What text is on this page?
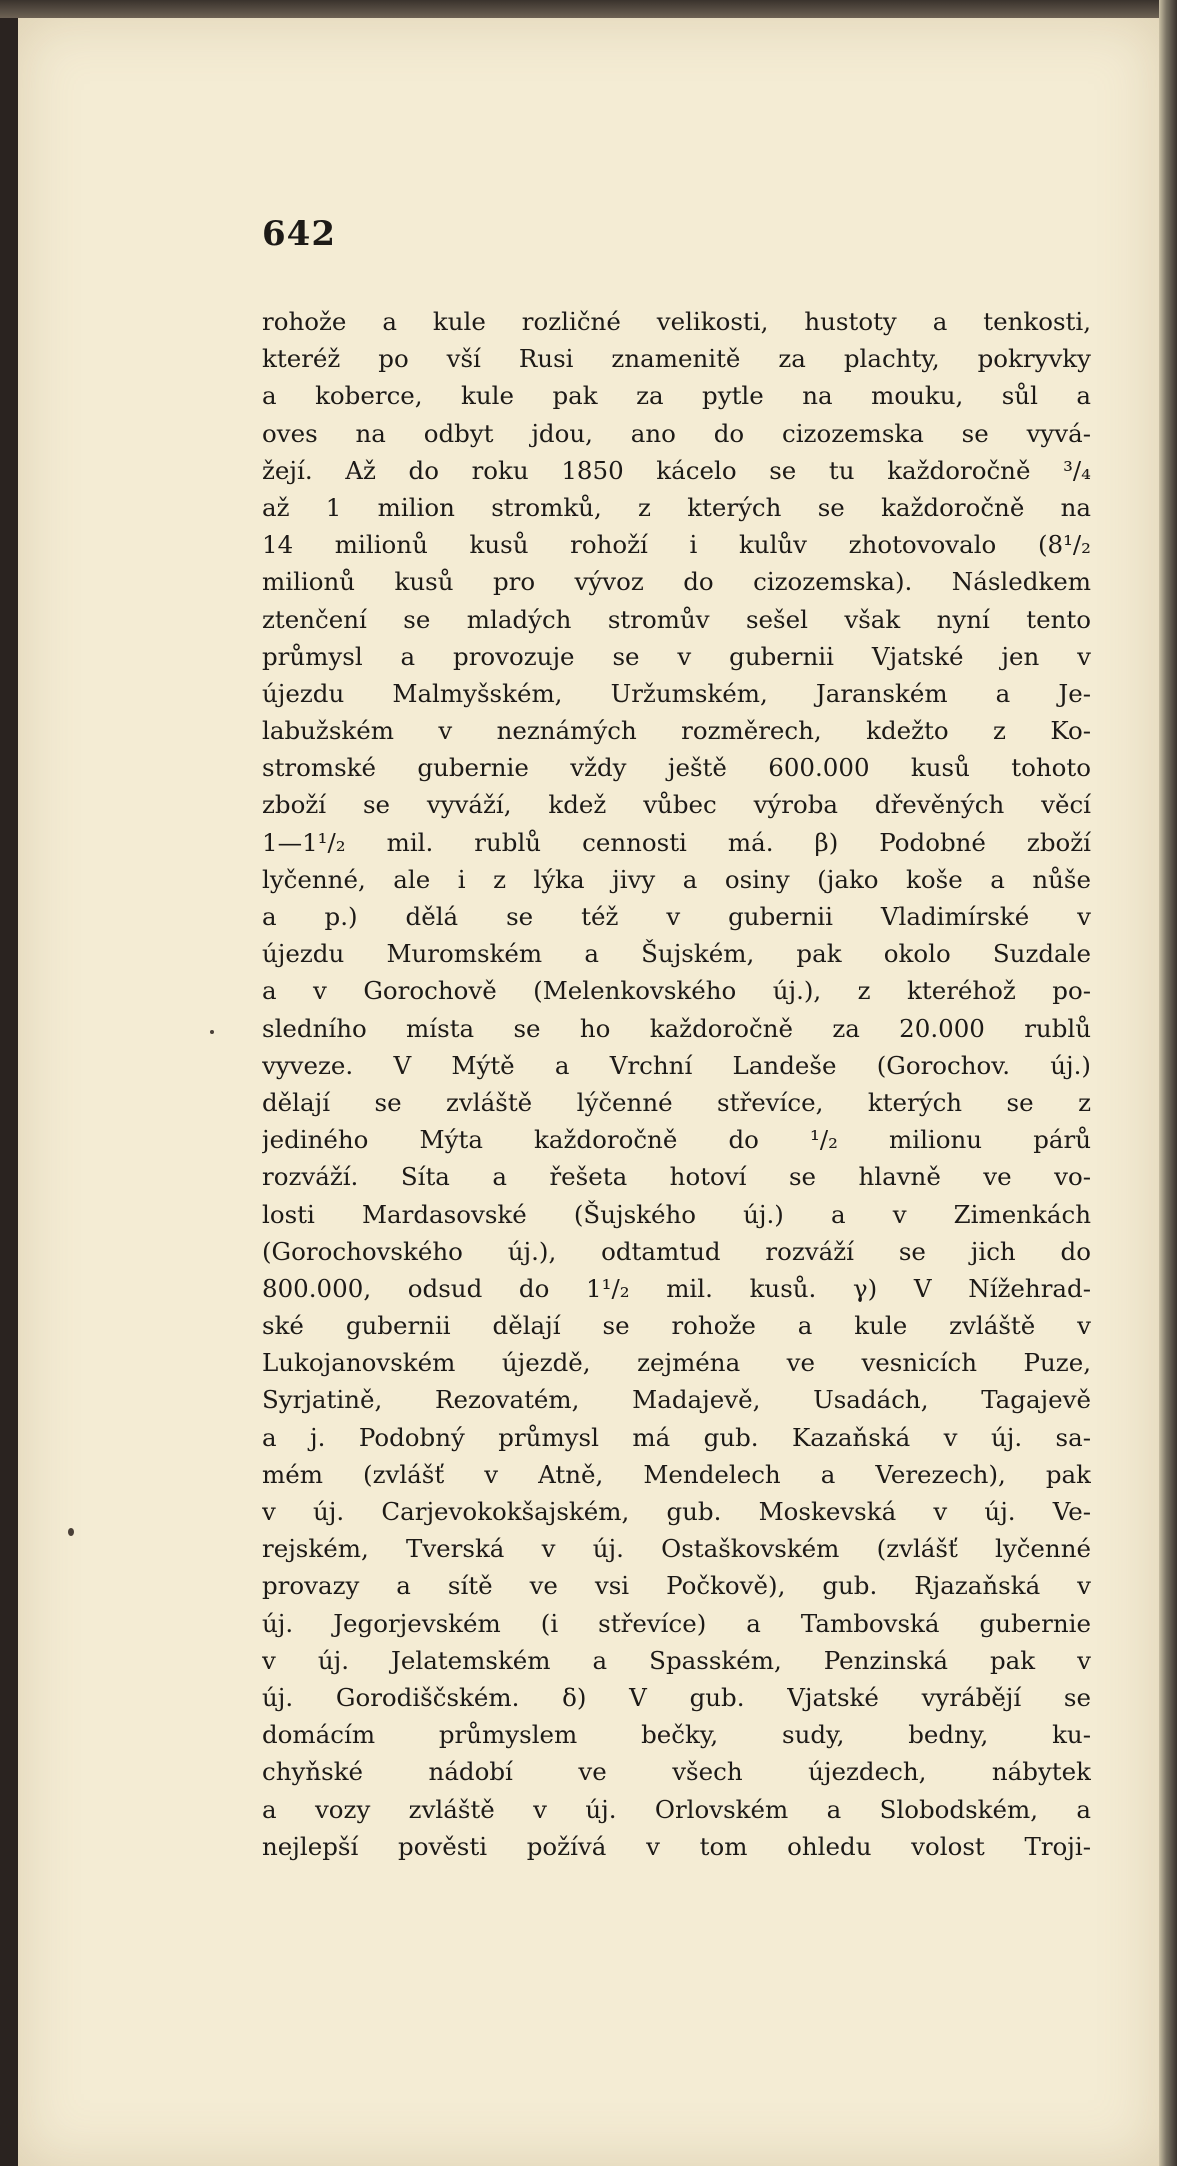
642
rohože a kule rozličné velikosti, hustoty a tenkosti,
kteréž po vší Rusi znamenitě za plachty, pokryvky
a koberce, kule pak za pytle na mouku, sůl a
oves na odbyt jdou, ano do cizozemska se vyvá-
žejí. Až do roku 1850 kácelo se tu každoročně ³/₄
až 1 milion stromků, z kterých se každoročně na
14 milionů kusů rohoží i kulův zhotovovalo (8¹/₂
milionů kusů pro vývoz do cizozemska). Následkem
ztenčení se mladých stromův sešel však nyní tento
průmysl a provozuje se v gubernii Vjatské jen v
újezdu Malmyšském, Uržumském, Jaranském a Je-
labužském v neznámých rozměrech, kdežto z Ko-
stromské gubernie vždy ještě 600.000 kusů tohoto
zboží se vyváží, kdež vůbec výroba dřevěných věcí
1—1¹/₂ mil. rublů cennosti má. β) Podobné zboží
lyčenné, ale i z lýka jivy a osiny (jako koše a nůše
a p.) dělá se též v gubernii Vladimírské v
újezdu Muromském a Šujském, pak okolo Suzdale
a v Gorochově (Melenkovského új.), z kteréhož po-
sledního místa se ho každoročně za 20.000 rublů
vyveze. V Mýtě a Vrchní Landeše (Gorochov. új.)
dělají se zvláště lýčenné střevíce, kterých se z
jediného Mýta každoročně do ¹/₂ milionu párů
rozváží. Síta a řešeta hotoví se hlavně ve vo-
losti Mardasovské (Šujského új.) a v Zimenkách
(Gorochovského új.), odtamtud rozváží se jich do
800.000, odsud do 1¹/₂ mil. kusů. γ) V Nížehrad-
ské gubernii dělají se rohože a kule zvláště v
Lukojanovském újezdě, zejména ve vesnicích Puze,
Syrjatině, Rezovatém, Madajevě, Usadách, Tagajevě
a j. Podobný průmysl má gub. Kazaňská v új. sa-
mém (zvlášť v Atně, Mendelech a Verezech), pak
v új. Carjevokokšajském, gub. Moskevská v új. Ve-
rejském, Tverská v új. Ostaškovském (zvlášť lyčenné
provazy a sítě ve vsi Počkově), gub. Rjazaňská v
új. Jegorjevském (i střevíce) a Tambovská gubernie
v új. Jelatemském a Spasském, Penzinská pak v
új. Gorodiščském. δ) V gub. Vjatské vyrábějí se
domácím průmyslem bečky, sudy, bedny, ku-
chyňské nádobí ve všech újezdech, nábytek
a vozy zvláště v új. Orlovském a Slobodském, a
nejlepší pověsti požívá v tom ohledu volost Troji-
